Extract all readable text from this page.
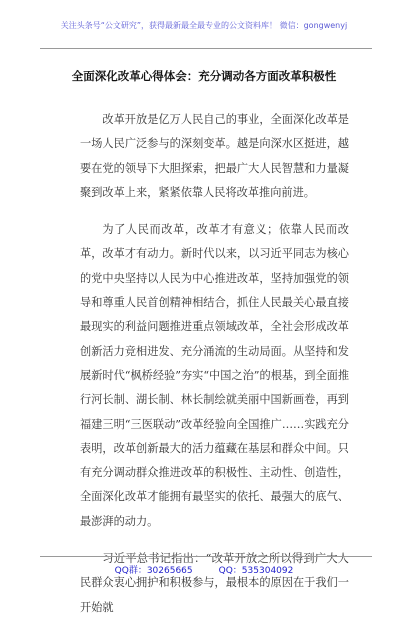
关注头条号“公文研究”，获得最新最全最专业的公文资料库！ 微信：gongwenyj
全面深化改革心得体会：充分调动各方面改革积极性

改革开放是亿万人民自己的事业，全面深化改革是一场人民广泛参与的深刻变革。越是向深水区挺进，越要在党的领导下大胆探索，把最广大人民智慧和力量凝聚到改革上来，紧紧依靠人民将改革推向前进。

为了人民而改革，改革才有意义；依靠人民而改革，改革才有动力。新时代以来，以习近平同志为核心的党中央坚持以人民为中心推进改革，坚持加强党的领导和尊重人民首创精神相结合，抓住人民最关心最直接最现实的利益问题推进重点领域改革，全社会形成改革创新活力竞相进发、充分涌流的生动局面。从坚持和发展新时代“枫桥经验”夯实“中国之治”的根基，到全面推行河长制、湖长制、林长制绘就美丽中国新画卷，再到福建三明“三医联动”改革经验向全国推广……实践充分表明，改革创新最大的活力蕴藏在基层和群众中间。只有充分调动群众推进改革的积极性、主动性、创造性，全面深化改革才能拥有最坚实的依托、最强大的底气、最澎湃的动力。

习近平总书记指出：“改革开放之所以得到广大人民群众衷心拥护和积极参与，最根本的原因在于我们一开始就

QQ群：30265665	QQ：535304092
